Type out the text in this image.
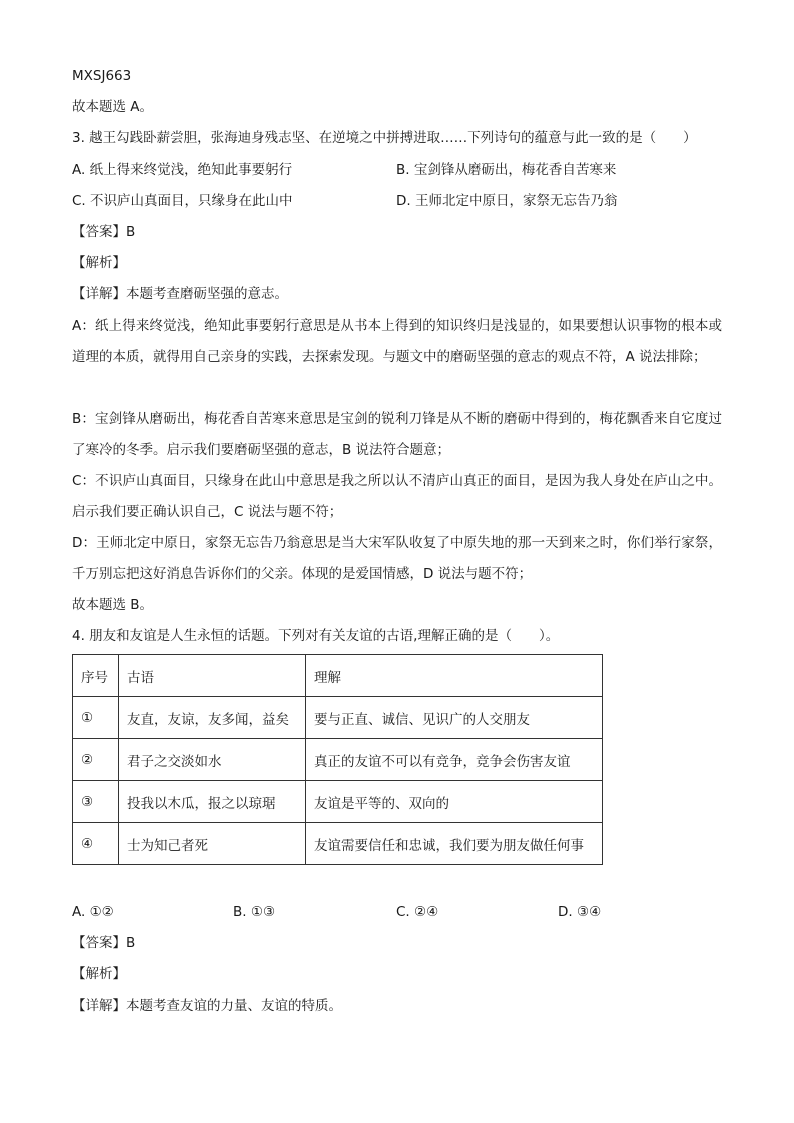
MXSJ663
故本题选 A。
3. 越王勾践卧薪尝胆，张海迪身残志坚、在逆境之中拼搏进取……下列诗句的蕴意与此一致的是（　　）
A. 纸上得来终觉浅，绝知此事要躬行	B. 宝剑锋从磨砺出，梅花香自苦寒来
C. 不识庐山真面目，只缘身在此山中	D. 王师北定中原日，家祭无忘告乃翁
【答案】B
【解析】
【详解】本题考查磨砺坚强的意志。
A：纸上得来终觉浅，绝知此事要躬行意思是从书本上得到的知识终归是浅显的，如果要想认识事物的根本或道理的本质，就得用自己亲身的实践，去探索发现。与题文中的磨砺坚强的意志的观点不符，A 说法排除；
B：宝剑锋从磨砺出，梅花香自苦寒来意思是宝剑的锐利刀锋是从不断的磨砺中得到的，梅花飘香来自它度过了寒冷的冬季。启示我们要磨砺坚强的意志，B 说法符合题意；
C：不识庐山真面目，只缘身在此山中意思是我之所以认不清庐山真正的面目，是因为我人身处在庐山之中。启示我们要正确认识自己，C 说法与题不符；
D：王师北定中原日，家祭无忘告乃翁意思是当大宋军队收复了中原失地的那一天到来之时，你们举行家祭，千万别忘把这好消息告诉你们的父亲。体现的是爱国情感，D 说法与题不符；
故本题选 B。
4. 朋友和友谊是人生永恒的话题。下列对有关友谊的古语,理解正确的是（　　）。
序号	古语	理解
①	友直，友谅，友多闻，益矣	要与正直、诚信、见识广的人交朋友
②	君子之交淡如水	真正的友谊不可以有竞争，竞争会伤害友谊
③	投我以木瓜，报之以琼琚	友谊是平等的、双向的
④	士为知己者死	友谊需要信任和忠诚，我们要为朋友做任何事
A. ①②	B. ①③	C. ②④	D. ③④
【答案】B
【解析】
【详解】本题考查友谊的力量、友谊的特质。
